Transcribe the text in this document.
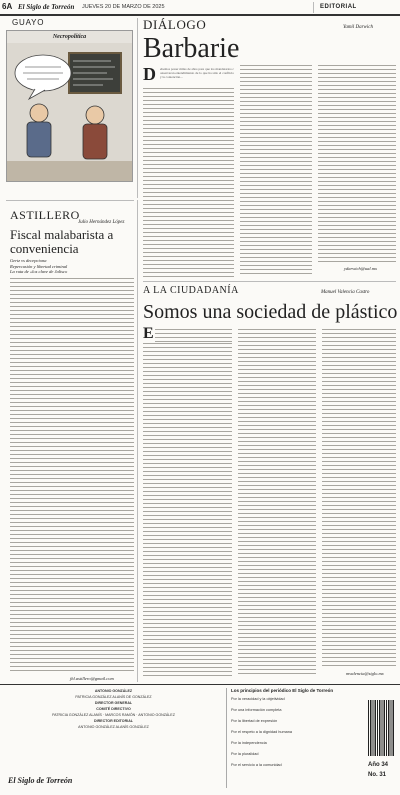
6A El Siglo de Torreón JUEVES 20 DE MARZO DE 2025	EDITORIAL
GUAYO
Necropolítica
DIÁLOGO	Yamil Darwich
Barbarie
D ebemos poner miles de años para que los mandatarios conservaran entendimiento de lo que ha sido el conflicto y la contención...
ydarwich@ual.mx
ASTILLERO
Julio Hernández López
Fiscal malabarista a conveniencia
Gertz vs decepciona
Repercusión y libertad criminal
La ruta de «los clave de Jalisco
jhl.astillero@gmail.com
A LA CIUDADANÍA	Manuel Valencia Castro
Somos una sociedad de plástico
E
mvalencia@siglo.mx
ANTONIO GONZÁLEZ
PATRICIA GONZÁLEZ ALANÍS DE GONZÁLEZ
DIRECTOR GENERAL
COMITÉ DIRECTIVO
PATRICIA GONZÁLEZ ALANÍS · MARCOS RAMÓN · ANTONIO GONZÁLEZ
DIRECTOR EDITORIAL
ANTONIO GONZÁLEZ ALANÍS GONZÁLEZ
El Siglo de Torreón
Los principios del periódico El Siglo de Torreón
Por la veracidad y la objetividad
Por una información completa
Por la libertad de expresión
Por el respeto a la dignidad humana
Por la independencia
Por la pluralidad
Por el servicio a la comunidad	Año 34
No. 31
